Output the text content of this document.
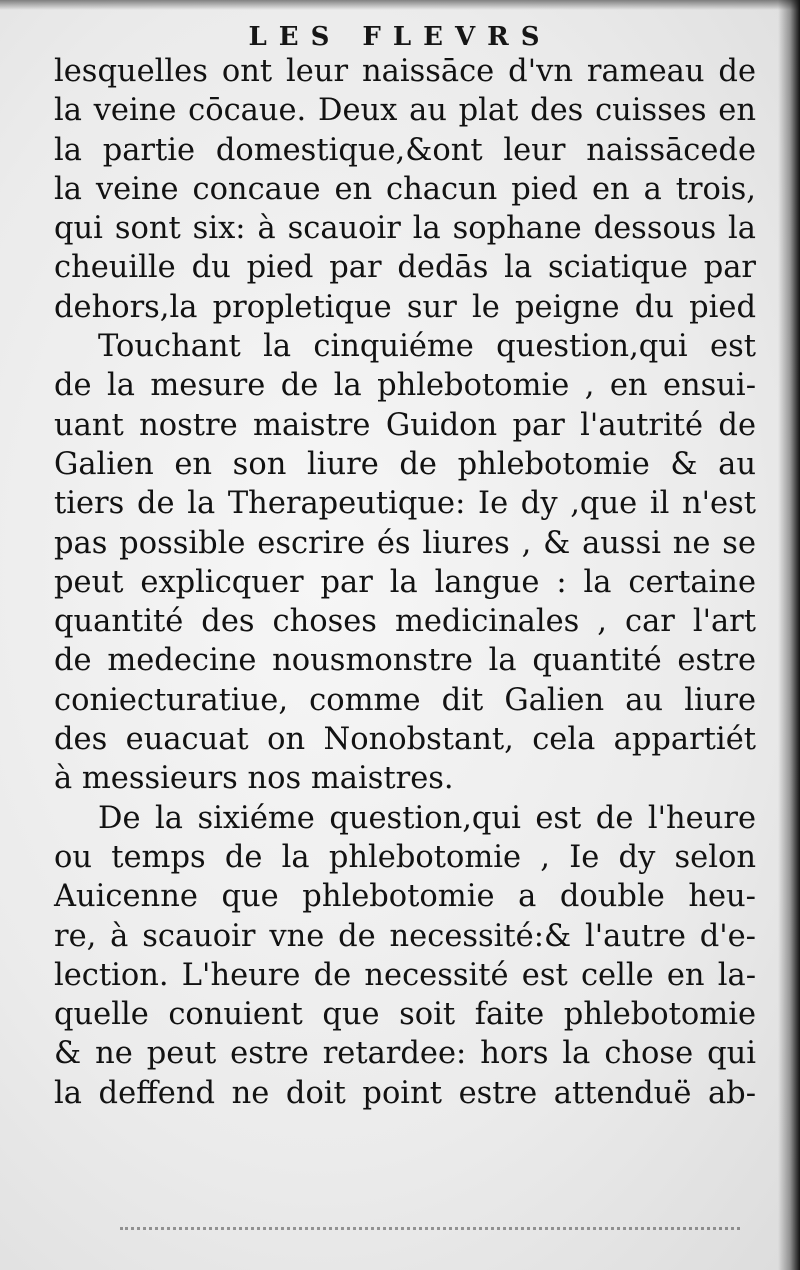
LES FLEVRS
lesquelles ont leur naissāce d'vn rameau de
la veine cōcaue. Deux au plat des cuisses en
la partie domestique,&ont leur naissācede
la veine concaue en chacun pied en a trois,
qui sont six: à scauoir la sophane dessous la
cheuille du pied par dedās la sciatique par
dehors,la propletique sur le peigne du pied
Touchant la cinquiéme question,qui est
de la mesure de la phlebotomie , en ensui-
uant nostre maistre Guidon par l'autrité de
Galien en son liure de phlebotomie & au
tiers de la Therapeutique: Ie dy ,que il n'est
pas possible escrire és liures , & aussi ne se
peut explicquer par la langue : la certaine
quantité des choses medicinales , car l'art
de medecine nousmonstre la quantité estre
coniecturatiue, comme dit Galien au liure
des euacuat on Nonobstant, cela appartiét
à messieurs nos maistres.
De la sixiéme question,qui est de l'heure
ou temps de la phlebotomie , Ie dy selon
Auicenne que phlebotomie a double heu-
re, à scauoir vne de necessité:& l'autre d'e-
lection. L'heure de necessité est celle en la-
quelle conuient que soit faite phlebotomie
& ne peut estre retardee: hors la chose qui
la deffend ne doit point estre attenduë ab-
